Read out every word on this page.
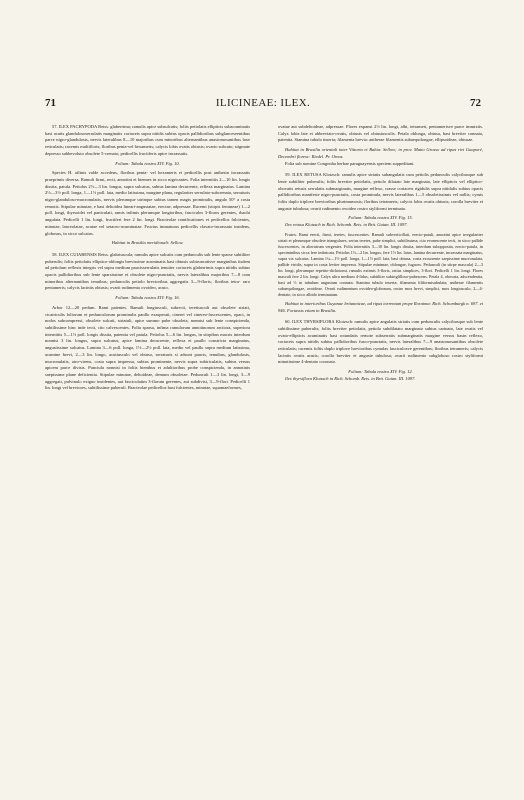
71	ILICINEAE: ILEX.	72

57. ILEX PACHYPODA Reiss. glaberrima; ramulis apice subsulcatis; foliis petiolatis ellipticis subacuminatis basi acutis glandulososerrulatis marginatis coriaceis supra nitidis subtus opacis pallidioribus subglanceseentibus parce nigro-glandulosis, nervis lateralibus 8—10 majoribus cum minoribus alternantibus anastomosantibus laxe reticulatis; racemis multifloris; floribus penta-vel hexameris; calycis lobis ovatis obtusis; ovario subcato; stigmate depresso subbevoluto obsolete 5-crenato; pedicellis fructiferis apice incrassatis.

Folium: Tabula nostra XIV. Fig. 10.

Species H. affinis valde accedens, floribus penta- vel hexameris et pedicellis post anthesin incrassatis praeprimis diversa. Ramuli firmi, recti, annotini et biennes in sicco nigricantes. Folia internitiis 2—10 lin. longis dissita, patula. Petiolus 2½—3 lin. longus, supra sulcatus, subtus lamina decurrente, reflexa marginatus. Lamina 2½—3½ poll. longa, 1—1½ poll. lata, medio latissima, margine plana, regulariter serrulato-subcrenata, serraturis nigro-glanduloso-mucronulatis, nervis plerumque utrinque subtus tamen magis prominulis, angulo 50° a costa remotis. Stipulae minutae, e basi deltoidea lineari-angustatae, erectae, adpressae. Racemi (stirpis femineae) 1—2 poll. longi, thyrsoidei vel paniculati, ramis infimis plerumque longioribus, fasciculos 3-floros gerentes, rhachi angulata. Pedicelli 1 lin. longi, fructiferi fere 2 lin. longi. Bracteolae ramificationes et pedicellos fulcientes, minutae, lanceolatae, acutae vel setaceo-acuminatae. Fructus immaturus pedicellis clavato-incrassato insidens, globosus, in sicco sulcatus.

Habitat in Brasilia meridionali: Sellow.

58. ILEX CUIABENSIS Reiss. glabriuscula; ramulis apice sulcatis cum pedunculis sub lente sparse subtiliter puberulis; foliis petiolatis elliptico-oblongis brevissime acuminatis basi obtusis subtruncatisve marginibus iisdem ad petiolum reflexis integris vel supra medium paucisserrulatis tenuiter coriaceis glaberrimis supra nitidis subtus opacis pallidioribus sub lente sparsissime et obsolete nigro-punctatis, nervis lateralibus majoribus 7—8 cum minoribus alternantibus tenuibus; pedunculis petiolo brevioribus aggregatis 3—9-floris; floribus tetra- raro pentameris; calycis laciniis obtusis; ovarii rudimento ovoideo, acuto.

Folium: Tabula nostra XIV. Fig. 16.

Arbor 12—20 pedum. Rami patentes. Ramuli longiusculi, subrecti, teretiusculi aut obsolete striati, cicatriculis foliorum et pedunculorum prominulis paullo exasperati, cinerei vel cinereo-fuscescentes, opaci, in nodos subcompressi, obsolete sulcati, striatuli, apice summo pube obsoleta, nonnisi sub lente conspicienda, subtilissime hinc inde tecti, cito calvescentes. Folia sparsa, infima ramulorum annotinorum arctiora, superiora internitiis 5—1½ poll. longis dissita, patentia vel patula. Petiolus 5—6 lin. longus, in stirpibus macris interdum nonnisi 3 lin. longus, supra sulcatus, apice lamina decurrente, reflexa et paullo constricta marginatus, angustissime sulcatus. Lamina 3—6 poll. longa, 1½—2½ poll. lata, medio vel paullo supra medium latissima, acumine brevi, 2—3 lin. longo, acutiusculo vel obtuso, serraturis si adsunt paucis, tenuibus, glandulosis, mucronulatis, atro-virens, costa supra impressa, subtus prominente, nervis supra subtriculatis, subtus versus apicem parce divisis. Punctula nonnisi in foliis bienibus et adultioribus probe conspicienda, in annotinis saepissime plane deficientia. Stipulae minutae, deltoideae, demum obsoletae. Pedunculi 1—3 lin. longi, 3—9 aggregati, pulvinulo exiguo insidentes, aut fasciculatim 3-florum gerentes, aut subdivisi, 3—9-flori. Pedicelli 1 lin. longi vel breviores, subtilissime puberuli. Bracteolae pedicellos basi fulcientes, minutae, squamaeformes,

ovatae aut subdeltoideae, adpressae. Flores expansi 2½ lin. longi, albi, tetrameri, pentamerisve parce immixtis. Calyx lobis late et abbreviato-ovatis, obtusis vel obtusiusculis. Petala oblonga, obtusa, basi breviter connata, patentia. Stamina tubulo inserta; filamenta brevia: antherae filamentis subaequilongae, ellipsoideae, obtusae.

Habitat in Brasilia orientali inter Vittoria et Bahia: Sellow; in prov. Matto Grosso ad ripas rivi Guaporé, Decembri floresc: Riedel. Pr. Oreas.

Folia sub nomine Congonha herbae paraguayensis speciem suppeditant.

59. ILEX RETUSA Klotzsch: ramulis apice striatis subangulatis cum petiolis pedunculis calycibusque sub lente subtiliter puberulis; foliis breviter petiolatis, petiolo dilatato late marginato, late ellipticis vel elliptico-obovatis retusis serrulatis submarginatis, margine reflexo, crasse coriaceis rigidulis supra nitidulis subtus opacis pallidioribus manifeste nigro-punctatis, costa prominula, nervis lateralibus 1—5 obsoletissimis vel nullis; cymis foliis duplo triplove brevioribus plurimumosis; floribus tetrameris; calycis lobis ovatis obtusis; corolla breviter et anguste tubulosa; ovarii rudimento ovoideo rostro styliformi terminato.

Folium: Tabula nostra XIV. Fig. 15.

Ilex retusa Klotzsch in Rich. Schomb. Reis. in Brit. Guian. III. 1097.

Frutex. Rami erecti, firmi, teretes, fuscescentes. Ramuli subverticillati, erecto-patuli, annotini apice irregulariter striati et plerumque obsolete triangulares, serius teretes, pube simplici, subtilissima, cito evanescente tecti, in sicco pallide fuscescentes, in alterutrum vergentes. Folia internitiis 3—10 lin. longis dissita, interdum subopposita, erecto-patula, in speciminibus sicca fere imbricata. Petiolus 1½—2 lin. longus, fere 1½ lin. latus, lamina decurrente, incrassata marginatus, supra vix sulcatus. Lamina 1¼—1½ poll. longa, 1—1½ poll. lata, basi obtusa, costa excurrente saepissime mucronulata, pallide viridis, supra in costa leviter impressa. Stipulae minimae, oblongae, fugaces. Pedunculi (in stirpe mascula) 2—3 lin. longi, plerumque repetito-dichotomi, ramulis extimis 3-floris, ratius simplices, 3-flori. Pedicelli 1 lin. longi. Flores masculi fere 2 lin. longi. Calyx ultra medium 4-fidus, subtiliter subtriglilloso-pubescens. Petala 4, obovata, adscendentia, basi ad ⅓ in tubulum angustum connata. Stamina tubulo inserta; filamenta filiformisubulata; antherae filamentis subaequilongae, ovoideae. Ovarii rudimentum ovoideo-globosum, rostro mox brevi, simplici, mox longiusculo, 2—4-dentato, in sicco albido terminatum.

Habitat in interioribus Guyanae britannicae, ad ripas torrentum prope Roraima: Rich. Schomburgk n. 697. et 946. Fortassis etiam in Brasilia.

60. ILEX THYRSIFLORA Klotzsch: ramulis apice angulatis striatis cum pedunculis calycibusque sub lente subtilissime puberulis; foliis breviter petiolatis, petiolo subdilatato marginato subtus carinato, late ovatis vel ovato-ellipticis acuminatis basi rotundatis remote subserratis submarginatis margine versus basin reflexo, coriaceis supra nitidis subtus pallidioribus fusco-punctatis, nervis lateralibus 7—9 anastomosantibus obsolete reticulatis; racemis foliis duplo triplove brevioribus cymulas fasciculosve gerentibus; floribus tetrameris; calycis laciniis ovatis acutis; corolla breviter et anguste tubulosa; ovarii rudimento subgloboso rostro styliformi minutissime 4-dentato coronato.

Folium: Tabula nostra XIV. Fig. 12.

Ilex thyrsiflora Klotzsch in Rich. Schomb. Reis. in Brit. Guian. III. 1097.
